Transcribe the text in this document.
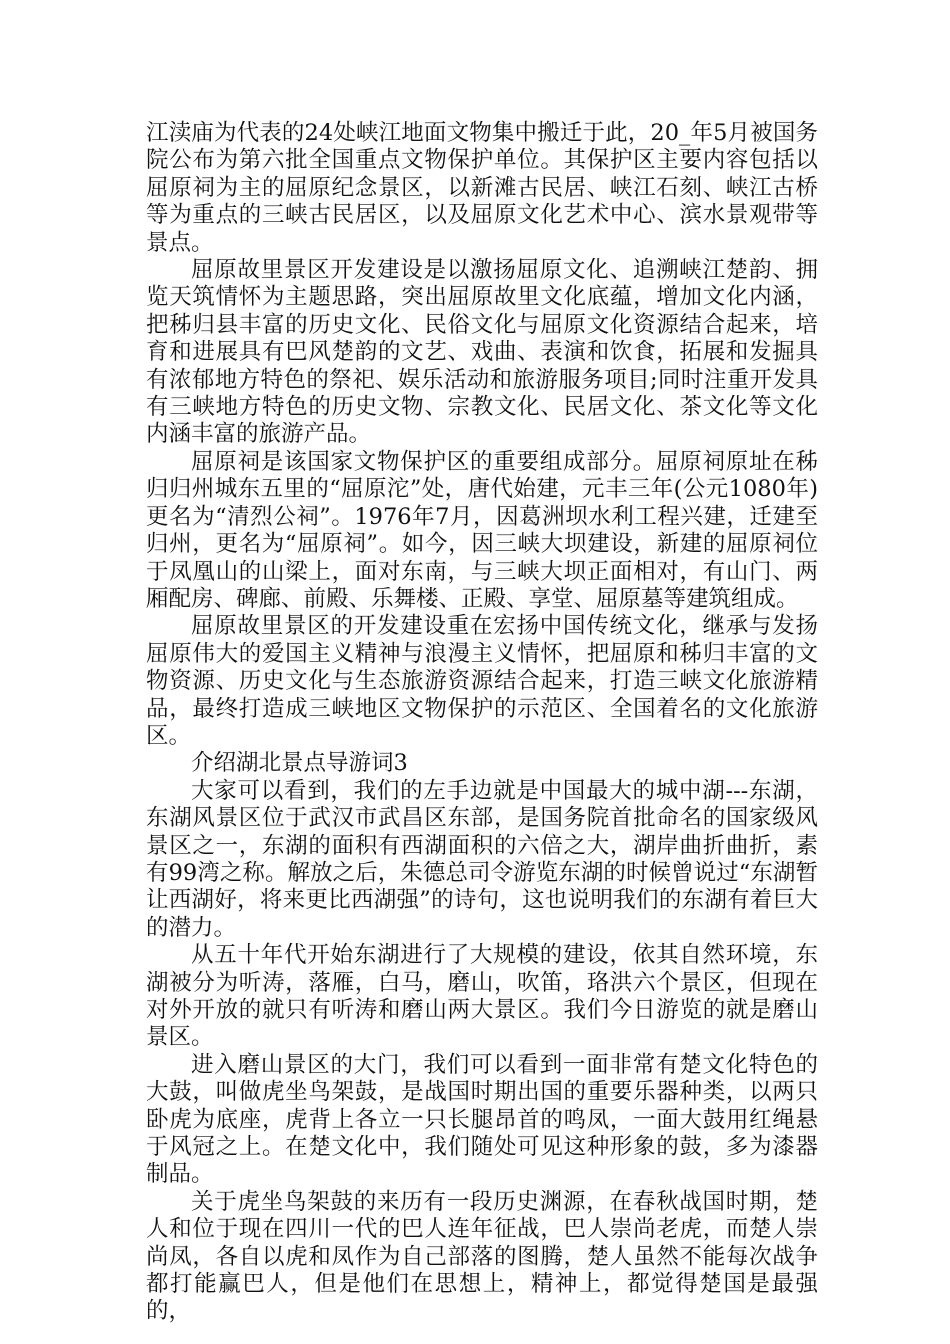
江渎庙为代表的24处峡江地面文物集中搬迁于此，20_年5月被国务院公布为第六批全国重点文物保护单位。其保护区主要内容包括以屈原祠为主的屈原纪念景区，以新滩古民居、峡江石刻、峡江古桥等为重点的三峡古民居区，以及屈原文化艺术中心、滨水景观带等景点。

屈原故里景区开发建设是以激扬屈原文化、追溯峡江楚韵、拥览天筑情怀为主题思路，突出屈原故里文化底蕴，增加文化内涵，把秭归县丰富的历史文化、民俗文化与屈原文化资源结合起来，培育和进展具有巴风楚韵的文艺、戏曲、表演和饮食，拓展和发掘具有浓郁地方特色的祭祀、娱乐活动和旅游服务项目;同时注重开发具有三峡地方特色的历史文物、宗教文化、民居文化、茶文化等文化内涵丰富的旅游产品。

屈原祠是该国家文物保护区的重要组成部分。屈原祠原址在秭归归州城东五里的“屈原沱”处，唐代始建，元丰三年(公元1080年)更名为“清烈公祠”。1976年7月，因葛洲坝水利工程兴建，迁建至归州，更名为“屈原祠”。如今，因三峡大坝建设，新建的屈原祠位于凤凰山的山梁上，面对东南，与三峡大坝正面相对，有山门、两厢配房、碑廊、前殿、乐舞楼、正殿、享堂、屈原墓等建筑组成。

屈原故里景区的开发建设重在宏扬中国传统文化，继承与发扬屈原伟大的爱国主义精神与浪漫主义情怀，把屈原和秭归丰富的文物资源、历史文化与生态旅游资源结合起来，打造三峡文化旅游精品，最终打造成三峡地区文物保护的示范区、全国着名的文化旅游区。

介绍湖北景点导游词3

大家可以看到，我们的左手边就是中国最大的城中湖---东湖，东湖风景区位于武汉市武昌区东部，是国务院首批命名的国家级风景区之一，东湖的面积有西湖面积的六倍之大，湖岸曲折曲折，素有99湾之称。解放之后，朱德总司令游览东湖的时候曾说过“东湖暂让西湖好，将来更比西湖强”的诗句，这也说明我们的东湖有着巨大的潜力。

从五十年代开始东湖进行了大规模的建设，依其自然环境，东湖被分为听涛，落雁，白马，磨山，吹笛，珞洪六个景区，但现在对外开放的就只有听涛和磨山两大景区。我们今日游览的就是磨山景区。

进入磨山景区的大门，我们可以看到一面非常有楚文化特色的大鼓，叫做虎坐鸟架鼓，是战国时期出国的重要乐器种类，以两只卧虎为底座，虎背上各立一只长腿昂首的鸣凤，一面大鼓用红绳悬于风冠之上。在楚文化中，我们随处可见这种形象的鼓，多为漆器制品。

关于虎坐鸟架鼓的来历有一段历史渊源，在春秋战国时期，楚人和位于现在四川一代的巴人连年征战，巴人崇尚老虎，而楚人崇尚凤，各自以虎和凤作为自己部落的图腾，楚人虽然不能每次战争都打能赢巴人，但是他们在思想上，精神上，都觉得楚国是最强的，
